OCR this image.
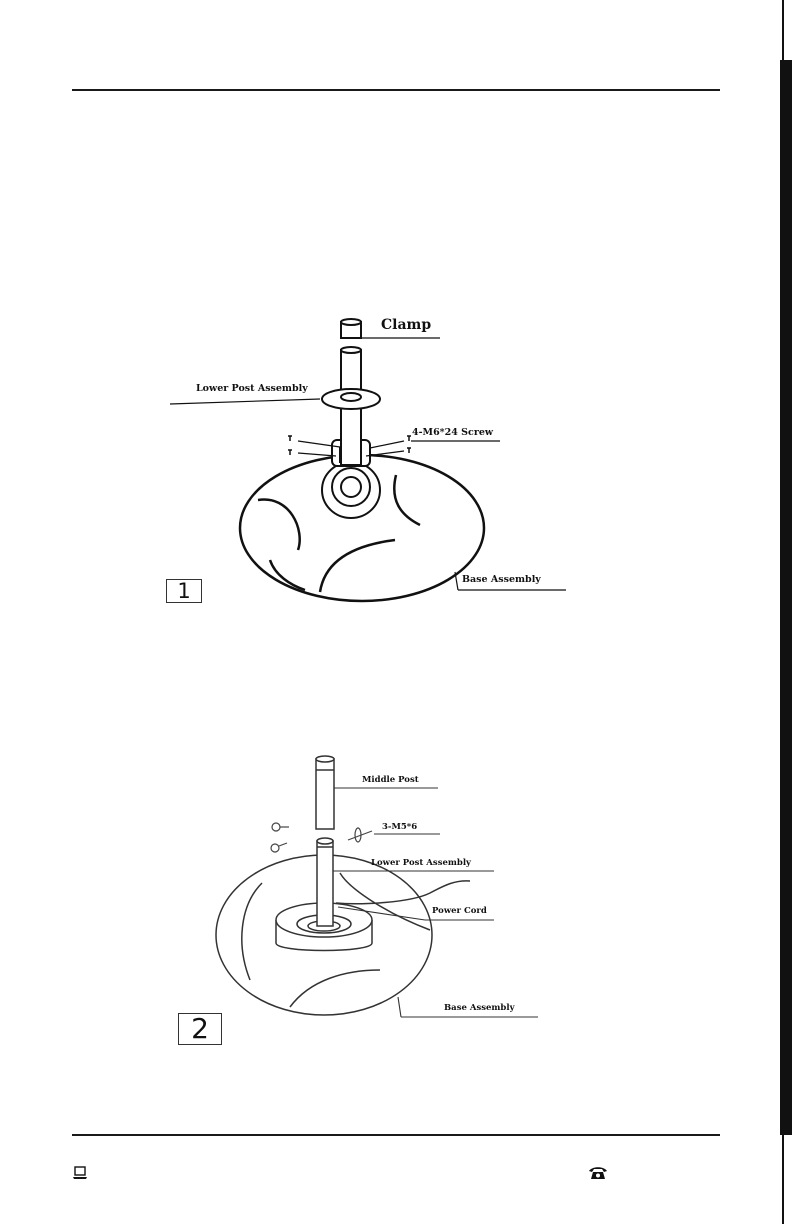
Clamp
Lower Post Assembly
4-M6*24 Screw
Base Assembly
1
Middle Post
3-M5*6
Lower Post Assembly
Power Cord
Base Assembly
2
